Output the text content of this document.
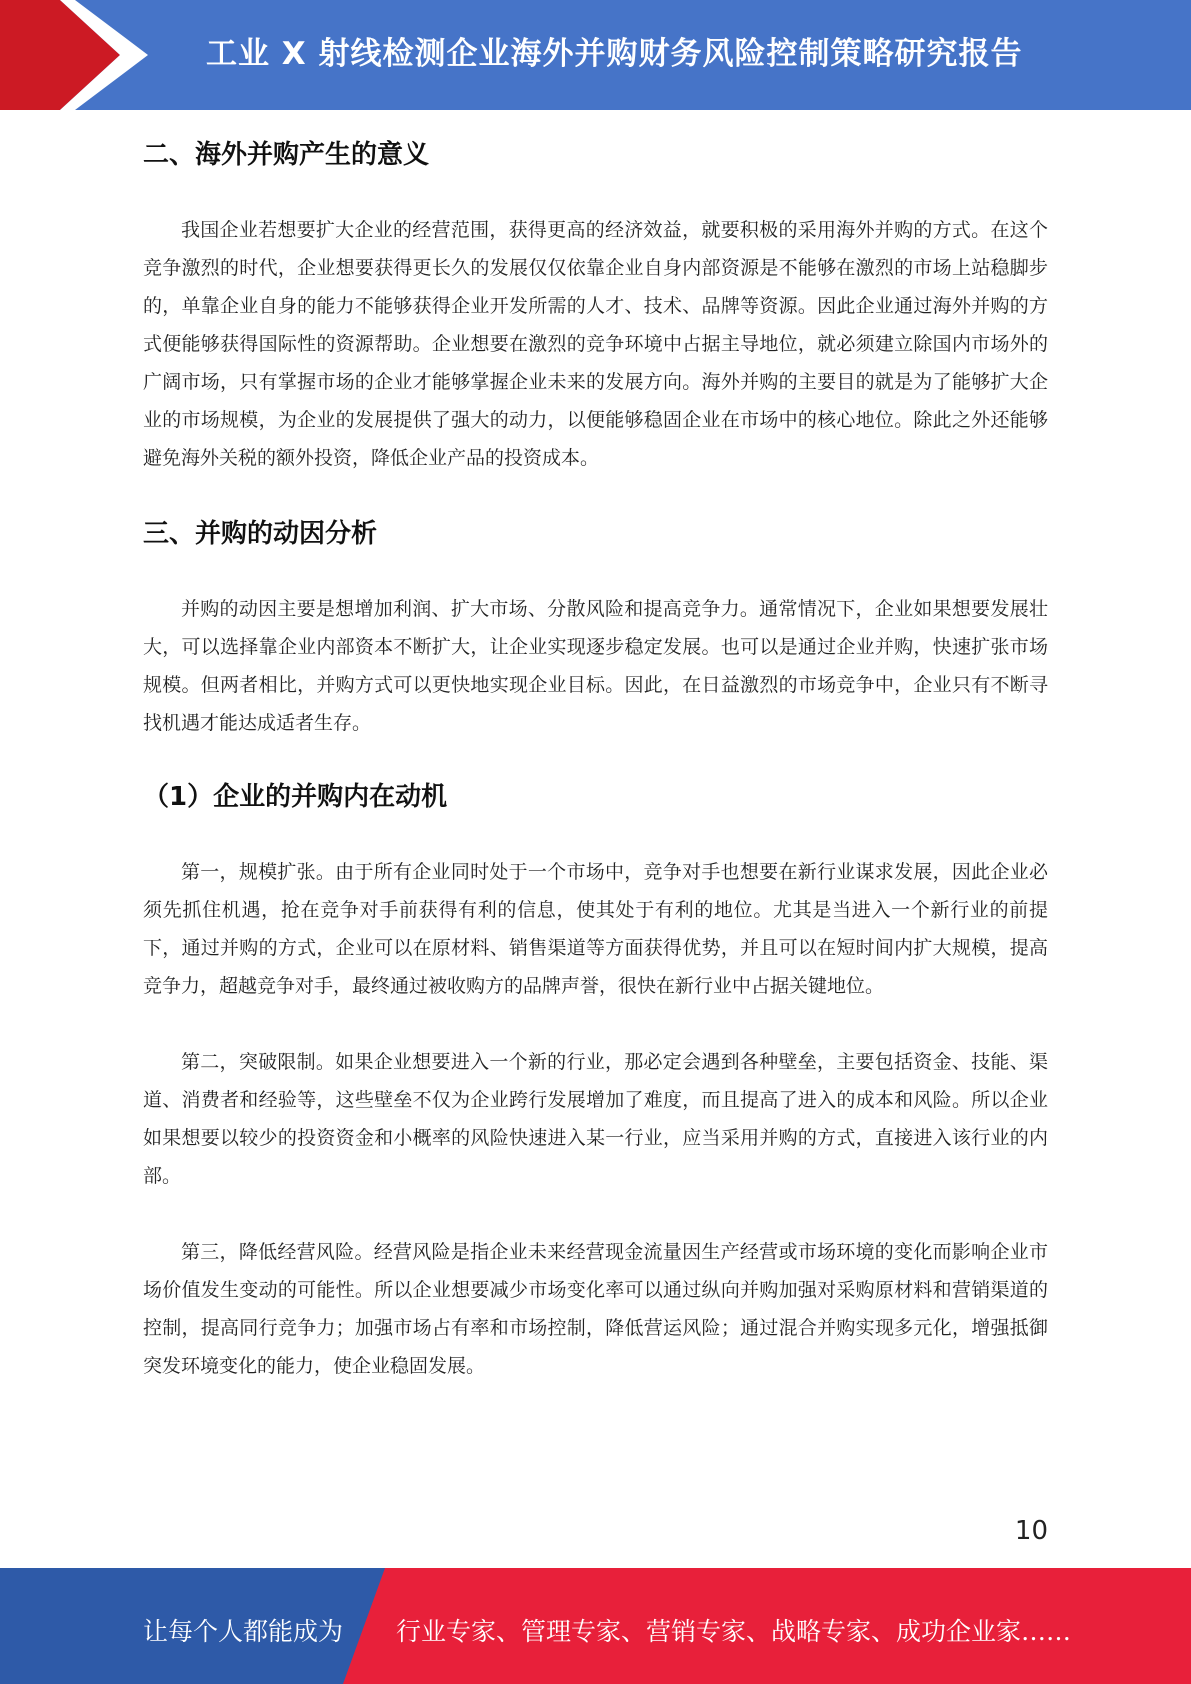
工业 X 射线检测企业海外并购财务风险控制策略研究报告
二、海外并购产生的意义

我国企业若想要扩大企业的经营范围，获得更高的经济效益，就要积极的采用海外并购的方式。在这个竞争激烈的时代，企业想要获得更长久的发展仅仅依靠企业自身内部资源是不能够在激烈的市场上站稳脚步的，单靠企业自身的能力不能够获得企业开发所需的人才、技术、品牌等资源。因此企业通过海外并购的方式便能够获得国际性的资源帮助。企业想要在激烈的竞争环境中占据主导地位，就必须建立除国内市场外的广阔市场，只有掌握市场的企业才能够掌握企业未来的发展方向。海外并购的主要目的就是为了能够扩大企业的市场规模，为企业的发展提供了强大的动力，以便能够稳固企业在市场中的核心地位。除此之外还能够避免海外关税的额外投资，降低企业产品的投资成本。

三、并购的动因分析

并购的动因主要是想增加利润、扩大市场、分散风险和提高竞争力。通常情况下，企业如果想要发展壮大，可以选择靠企业内部资本不断扩大，让企业实现逐步稳定发展。也可以是通过企业并购，快速扩张市场规模。但两者相比，并购方式可以更快地实现企业目标。因此，在日益激烈的市场竞争中，企业只有不断寻找机遇才能达成适者生存。

（1）企业的并购内在动机

第一，规模扩张。由于所有企业同时处于一个市场中，竞争对手也想要在新行业谋求发展，因此企业必须先抓住机遇，抢在竞争对手前获得有利的信息，使其处于有利的地位。尤其是当进入一个新行业的前提下，通过并购的方式，企业可以在原材料、销售渠道等方面获得优势，并且可以在短时间内扩大规模，提高竞争力，超越竞争对手，最终通过被收购方的品牌声誉，很快在新行业中占据关键地位。

第二，突破限制。如果企业想要进入一个新的行业，那必定会遇到各种壁垒，主要包括资金、技能、渠道、消费者和经验等，这些壁垒不仅为企业跨行发展增加了难度，而且提高了进入的成本和风险。所以企业如果想要以较少的投资资金和小概率的风险快速进入某一行业，应当采用并购的方式，直接进入该行业的内部。

第三，降低经营风险。经营风险是指企业未来经营现金流量因生产经营或市场环境的变化而影响企业市场价值发生变动的可能性。所以企业想要减少市场变化率可以通过纵向并购加强对采购原材料和营销渠道的控制，提高同行竞争力；加强市场占有率和市场控制，降低营运风险；通过混合并购实现多元化，增强抵御突发环境变化的能力，使企业稳固发展。

10
让每个人都能成为 行业专家、管理专家、营销专家、战略专家、成功企业家……
